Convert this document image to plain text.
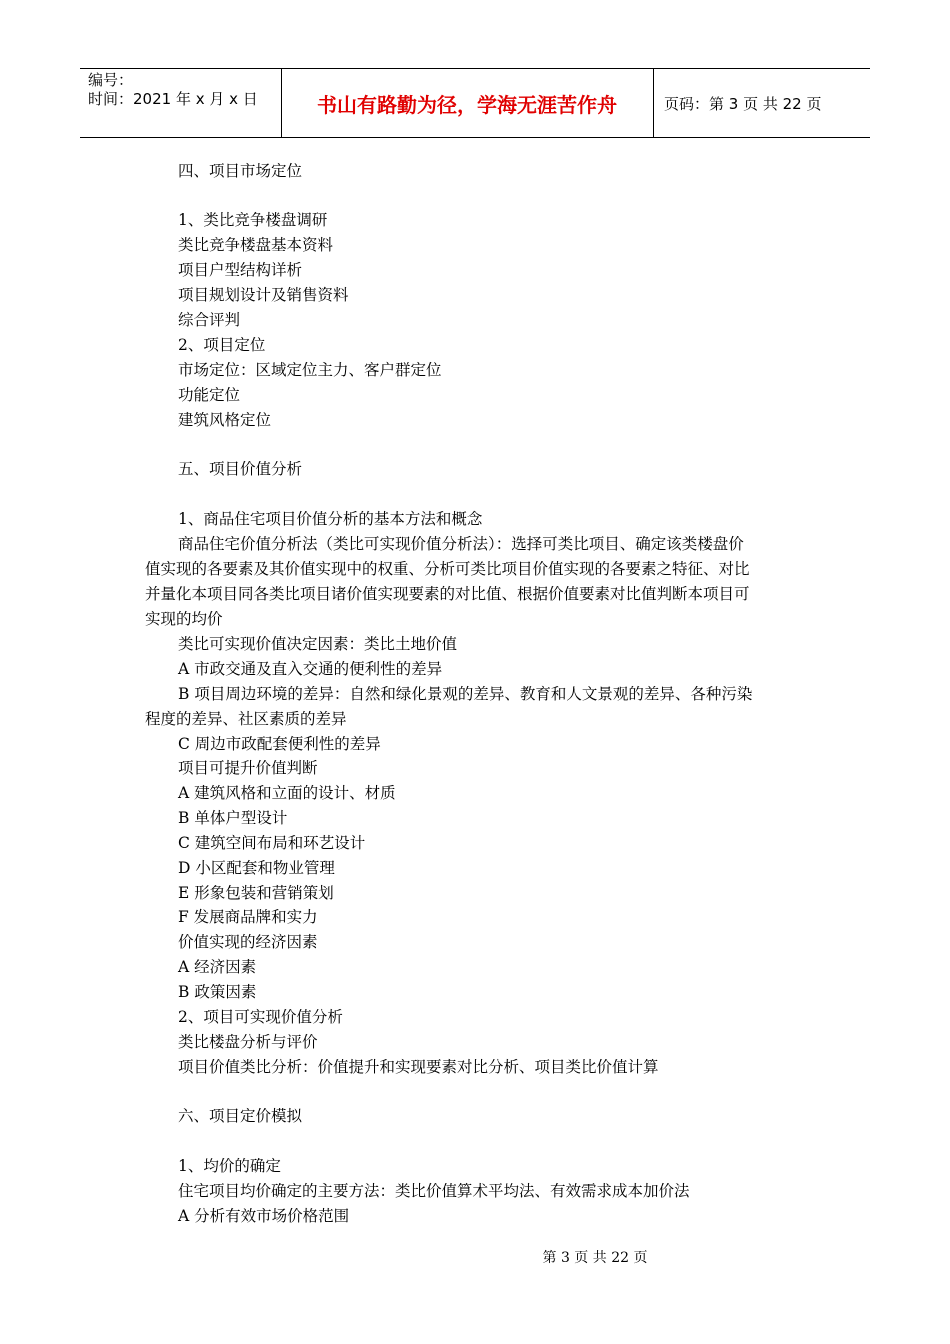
编号：
时间：2021 年 x 月 x 日	书山有路勤为径，学海无涯苦作舟	页码：第 3 页 共 22 页
四、项目市场定位
1、类比竞争楼盘调研
类比竞争楼盘基本资料
项目户型结构详析
项目规划设计及销售资料
综合评判
2、项目定位
市场定位：区域定位主力、客户群定位
功能定位
建筑风格定位
五、项目价值分析
1、商品住宅项目价值分析的基本方法和概念
商品住宅价值分析法（类比可实现价值分析法）：选择可类比项目、确定该类楼盘价
值实现的各要素及其价值实现中的权重、分析可类比项目价值实现的各要素之特征、对比
并量化本项目同各类比项目诸价值实现要素的对比值、根据价值要素对比值判断本项目可
实现的均价
类比可实现价值决定因素：类比土地价值
A 市政交通及直入交通的便利性的差异
B 项目周边环境的差异：自然和绿化景观的差异、教育和人文景观的差异、各种污染
程度的差异、社区素质的差异
C 周边市政配套便利性的差异
项目可提升价值判断
A 建筑风格和立面的设计、材质
B 单体户型设计
C 建筑空间布局和环艺设计
D 小区配套和物业管理
E 形象包装和营销策划
F 发展商品牌和实力
价值实现的经济因素
A 经济因素
B 政策因素
2、项目可实现价值分析
类比楼盘分析与评价
项目价值类比分析：价值提升和实现要素对比分析、项目类比价值计算
六、项目定价模拟
1、均价的确定
住宅项目均价确定的主要方法：类比价值算术平均法、有效需求成本加价法
A 分析有效市场价格范围
第 3 页 共 22 页
